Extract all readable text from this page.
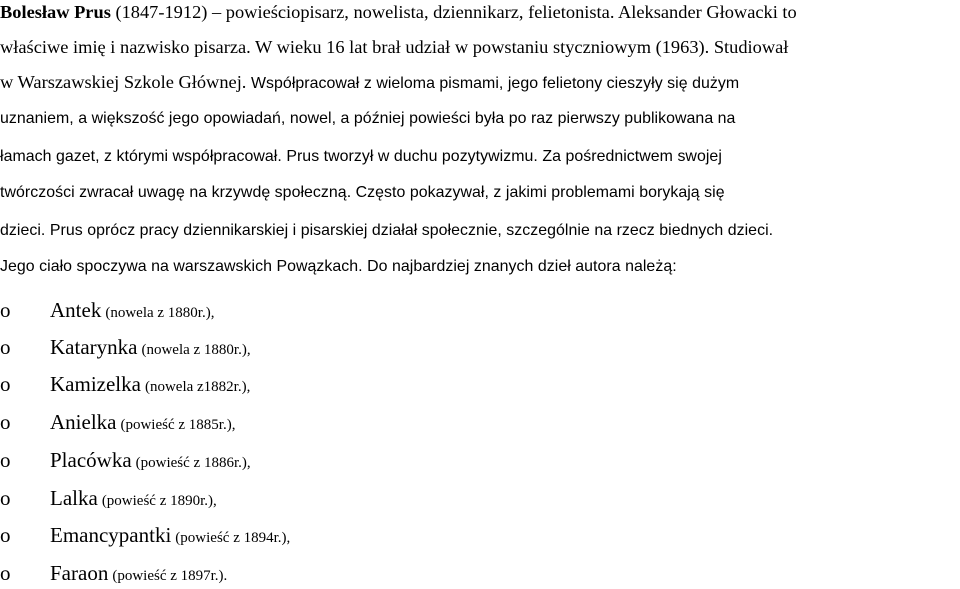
Bolesław Prus (1847-1912) – powieściopisarz, nowelista, dziennikarz, felietonista. Aleksander Głowacki to
właściwe imię i nazwisko pisarza. W wieku 16 lat brał udział w powstaniu styczniowym (1963). Studiował
w Warszawskiej Szkole Głównej. Współpracował z wieloma pismami, jego felietony cieszyły się dużym
uznaniem, a większość jego opowiadań, nowel, a później powieści była po raz pierwszy publikowana na
łamach gazet, z którymi współpracował. Prus tworzył w duchu pozytywizmu. Za pośrednictwem swojej
twórczości zwracał uwagę na krzywdę społeczną. Często pokazywał, z jakimi problemami borykają się
dzieci. Prus oprócz pracy dziennikarskiej i pisarskiej działał społecznie, szczególnie na rzecz biednych dzieci.
Jego ciało spoczywa na warszawskich Powązkach. Do najbardziej znanych dzieł autora należą:
o Antek (nowela z 1880r.),
o Katarynka (nowela z 1880r.),
o Kamizelka (nowela z1882r.),
o Anielka (powieść z 1885r.),
o Placówka (powieść z 1886r.),
o Lalka (powieść z 1890r.),
o Emancypantki (powieść z 1894r.),
o Faraon (powieść z 1897r.).
